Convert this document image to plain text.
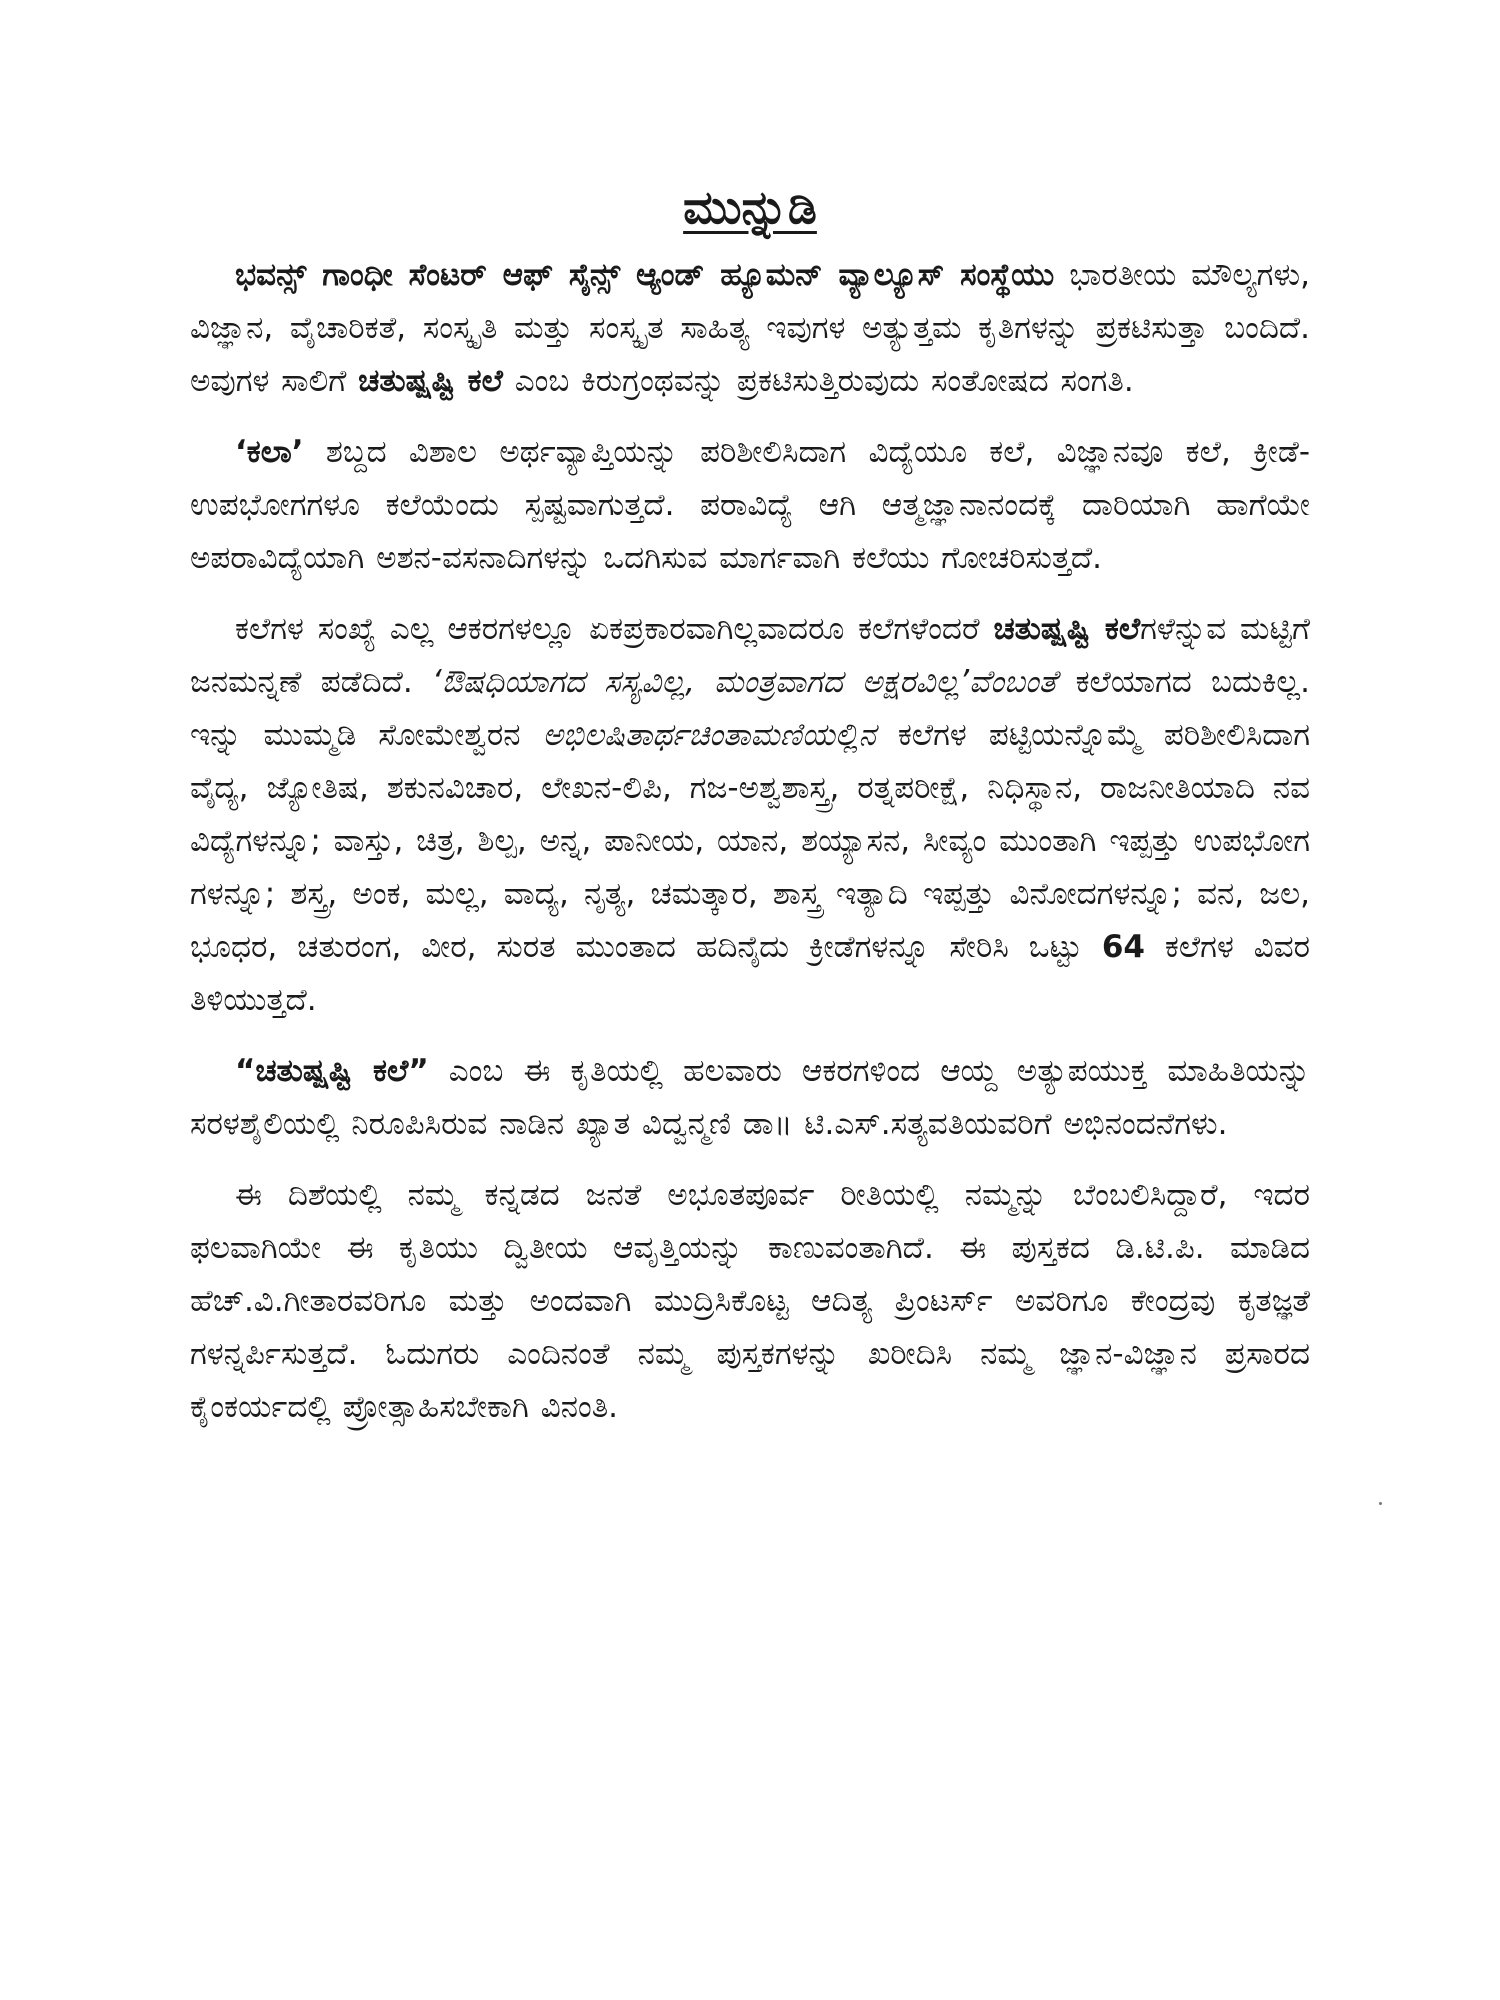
ಮುನ್ನುಡಿ

ಭವನ್ಸ್ ಗಾಂಧೀ ಸೆಂಟರ್ ಆಫ್ ಸೈನ್ಸ್ ಆ್ಯಂಡ್ ಹ್ಯೂಮನ್ ವ್ಯಾಲ್ಯೂಸ್ ಸಂಸ್ಥೆಯು ಭಾರತೀಯ ಮೌಲ್ಯಗಳು, ವಿಜ್ಞಾನ, ವೈಚಾರಿಕತೆ, ಸಂಸ್ಕೃತಿ ಮತ್ತು ಸಂಸ್ಕೃತ ಸಾಹಿತ್ಯ ಇವುಗಳ ಅತ್ಯುತ್ತಮ ಕೃತಿಗಳನ್ನು ಪ್ರಕಟಿಸುತ್ತಾ ಬಂದಿದೆ. ಅವುಗಳ ಸಾಲಿಗೆ ಚತುಷ್ಷಷ್ಟಿ ಕಲೆ ಎಂಬ ಕಿರುಗ್ರಂಥವನ್ನು ಪ್ರಕಟಿಸುತ್ತಿರುವುದು ಸಂತೋಷದ ಸಂಗತಿ.

‘ಕಲಾ’ ಶಬ್ದದ ವಿಶಾಲ ಅರ್ಥವ್ಯಾಪ್ತಿಯನ್ನು ಪರಿಶೀಲಿಸಿದಾಗ ವಿದ್ಯೆಯೂ ಕಲೆ, ವಿಜ್ಞಾನವೂ ಕಲೆ, ಕ್ರೀಡೆ-ಉಪಭೋಗಗಳೂ ಕಲೆಯೆಂದು ಸ್ಪಷ್ಟವಾಗುತ್ತದೆ. ಪರಾವಿದ್ಯೆ ಆಗಿ ಆತ್ಮಜ್ಞಾನಾನಂದಕ್ಕೆ ದಾರಿಯಾಗಿ ಹಾಗೆಯೇ ಅಪರಾವಿದ್ಯೆಯಾಗಿ ಅಶನ-ವಸನಾದಿಗಳನ್ನು ಒದಗಿಸುವ ಮಾರ್ಗವಾಗಿ ಕಲೆಯು ಗೋಚರಿಸುತ್ತದೆ.

ಕಲೆಗಳ ಸಂಖ್ಯೆ ಎಲ್ಲ ಆಕರಗಳಲ್ಲೂ ಏಕಪ್ರಕಾರವಾಗಿಲ್ಲವಾದರೂ ಕಲೆಗಳೆಂದರೆ ಚತುಷ್ಷಷ್ಟಿ ಕಲೆಗಳೆನ್ನುವ ಮಟ್ಟಿಗೆ ಜನಮನ್ನಣೆ ಪಡೆದಿದೆ. ‘ಔಷಧಿಯಾಗದ ಸಸ್ಯವಿಲ್ಲ, ಮಂತ್ರವಾಗದ ಅಕ್ಷರವಿಲ್ಲ’ವೆಂಬಂತೆ ಕಲೆಯಾಗದ ಬದುಕಿಲ್ಲ. ಇನ್ನು ಮುಮ್ಮಡಿ ಸೋಮೇಶ್ವರನ ಅಭಿಲಷಿತಾರ್ಥಚಿಂತಾಮಣಿಯಲ್ಲಿನ ಕಲೆಗಳ ಪಟ್ಟಿಯನ್ನೊಮ್ಮೆ ಪರಿಶೀಲಿಸಿದಾಗ ವೈದ್ಯ, ಜ್ಯೋತಿಷ, ಶಕುನವಿಚಾರ, ಲೇಖನ-ಲಿಪಿ, ಗಜ-ಅಶ್ವಶಾಸ್ತ್ರ, ರತ್ನಪರೀಕ್ಷೆ, ನಿಧಿಸ್ಥಾನ, ರಾಜನೀತಿಯಾದಿ ನವ ವಿದ್ಯೆಗಳನ್ನೂ; ವಾಸ್ತು, ಚಿತ್ರ, ಶಿಲ್ಪ, ಅನ್ನ, ಪಾನೀಯ, ಯಾನ, ಶಯ್ಯಾಸನ, ಸೀವ್ಯಂ ಮುಂತಾಗಿ ಇಪ್ಪತ್ತು ಉಪಭೋಗ ಗಳನ್ನೂ; ಶಸ್ತ್ರ, ಅಂಕ, ಮಲ್ಲ, ವಾದ್ಯ, ನೃತ್ಯ, ಚಮತ್ಕಾರ, ಶಾಸ್ತ್ರ ಇತ್ಯಾದಿ ಇಪ್ಪತ್ತು ವಿನೋದಗಳನ್ನೂ; ವನ, ಜಲ, ಭೂಧರ, ಚತುರಂಗ, ವೀರ, ಸುರತ ಮುಂತಾದ ಹದಿನೈದು ಕ್ರೀಡೆಗಳನ್ನೂ ಸೇರಿಸಿ ಒಟ್ಟು 64 ಕಲೆಗಳ ವಿವರ ತಿಳಿಯುತ್ತದೆ.

“ಚತುಷ್ಷಷ್ಟಿ ಕಲೆ” ಎಂಬ ಈ ಕೃತಿಯಲ್ಲಿ ಹಲವಾರು ಆಕರಗಳಿಂದ ಆಯ್ದ ಅತ್ಯುಪಯುಕ್ತ ಮಾಹಿತಿಯನ್ನು ಸರಳಶೈಲಿಯಲ್ಲಿ ನಿರೂಪಿಸಿರುವ ನಾಡಿನ ಖ್ಯಾತ ವಿದ್ವನ್ಮಣಿ ಡಾ॥ ಟಿ.ಎಸ್.ಸತ್ಯವತಿಯವರಿಗೆ ಅಭಿನಂದನೆಗಳು.

ಈ ದಿಶೆಯಲ್ಲಿ ನಮ್ಮ ಕನ್ನಡದ ಜನತೆ ಅಭೂತಪೂರ್ವ ರೀತಿಯಲ್ಲಿ ನಮ್ಮನ್ನು ಬೆಂಬಲಿಸಿದ್ದಾರೆ, ಇದರ ಫಲವಾಗಿಯೇ ಈ ಕೃತಿಯು ದ್ವಿತೀಯ ಆವೃತ್ತಿಯನ್ನು ಕಾಣುವಂತಾಗಿದೆ. ಈ ಪುಸ್ತಕದ ಡಿ.ಟಿ.ಪಿ. ಮಾಡಿದ ಹೆಚ್.ವಿ.ಗೀತಾರವರಿಗೂ ಮತ್ತು ಅಂದವಾಗಿ ಮುದ್ರಿಸಿಕೊಟ್ಟ ಆದಿತ್ಯ ಪ್ರಿಂಟರ್ಸ್ ಅವರಿಗೂ ಕೇಂದ್ರವು ಕೃತಜ್ಞತೆ ಗಳನ್ನರ್ಪಿಸುತ್ತದೆ. ಓದುಗರು ಎಂದಿನಂತೆ ನಮ್ಮ ಪುಸ್ತಕಗಳನ್ನು ಖರೀದಿಸಿ ನಮ್ಮ ಜ್ಞಾನ-ವಿಜ್ಞಾನ ಪ್ರಸಾರದ ಕೈಂಕರ್ಯದಲ್ಲಿ ಪ್ರೋತ್ಸಾಹಿಸಬೇಕಾಗಿ ವಿನಂತಿ.
